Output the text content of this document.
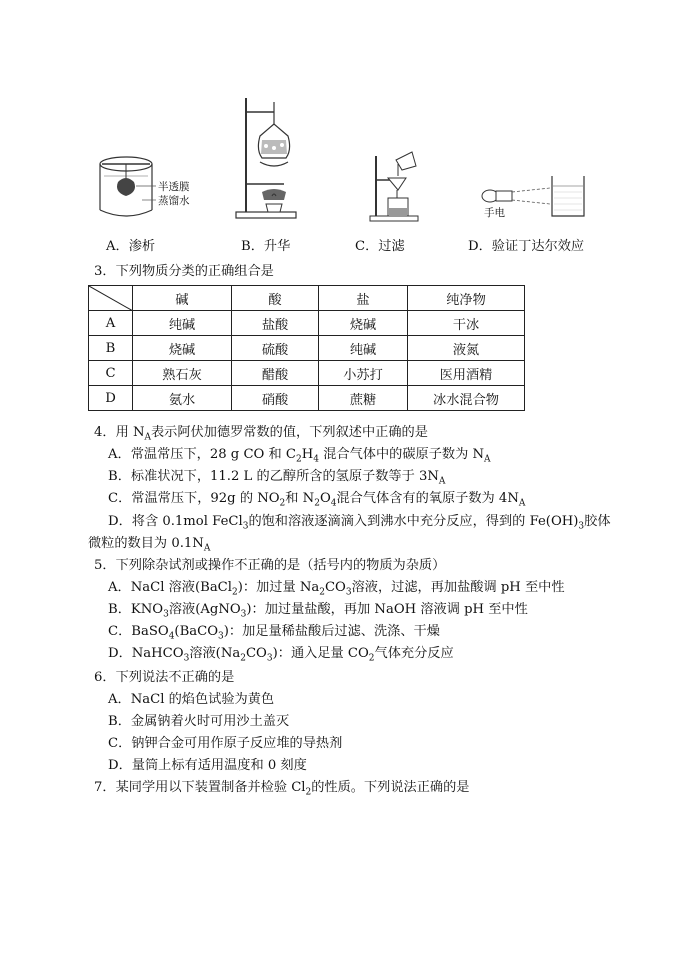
半透膜
蒸馏水
手电
A．渗析	B．升华	C．过滤	D．验证丁达尔效应
3．下列物质分类的正确组合是
	碱	酸	盐	纯净物
A	纯碱	盐酸	烧碱	干冰
B	烧碱	硫酸	纯碱	液氮
C	熟石灰	醋酸	小苏打	医用酒精
D	氨水	硝酸	蔗糖	冰水混合物
4．用 $N_A$表示阿伏加德罗常数的值，下列叙述中正确的是
A．常温常压下，28 g CO 和 $C_2H_4$ 混合气体中的碳原子数为 $N_A$
B．标准状况下，11.2 L 的乙醇所含的氢原子数等于 $3N_A$
C．常温常压下，92g 的 $NO_2$和 $N_2O_4$混合气体含有的氧原子数为 $4N_A$
D．将含 0.1mol FeCl$_3$的饱和溶液逐滴滴入到沸水中充分反应，得到的 $Fe(OH)_3$胶体
微粒的数目为 $0.1N_A$
5．下列除杂试剂或操作不正确的是（括号内的物质为杂质）
A．NaCl 溶液(BaCl$_2$)：加过量 $Na_2CO_3$溶液，过滤，再加盐酸调 pH 至中性
B．$KNO_3$溶液(AgNO$_3$)：加过量盐酸，再加 NaOH 溶液调 pH 至中性
C．BaSO$_4$(BaCO$_3$)：加足量稀盐酸后过滤、洗涤、干燥
D．NaHCO$_3$溶液$(Na_2CO_3)$：通入足量 $CO_2$气体充分反应
6．下列说法不正确的是
A．NaCl 的焰色试验为黄色
B．金属钠着火时可用沙土盖灭
C．钠钾合金可用作原子反应堆的导热剂
D．量筒上标有适用温度和 0 刻度
7．某同学用以下装置制备并检验 $Cl_2$的性质。下列说法正确的是
